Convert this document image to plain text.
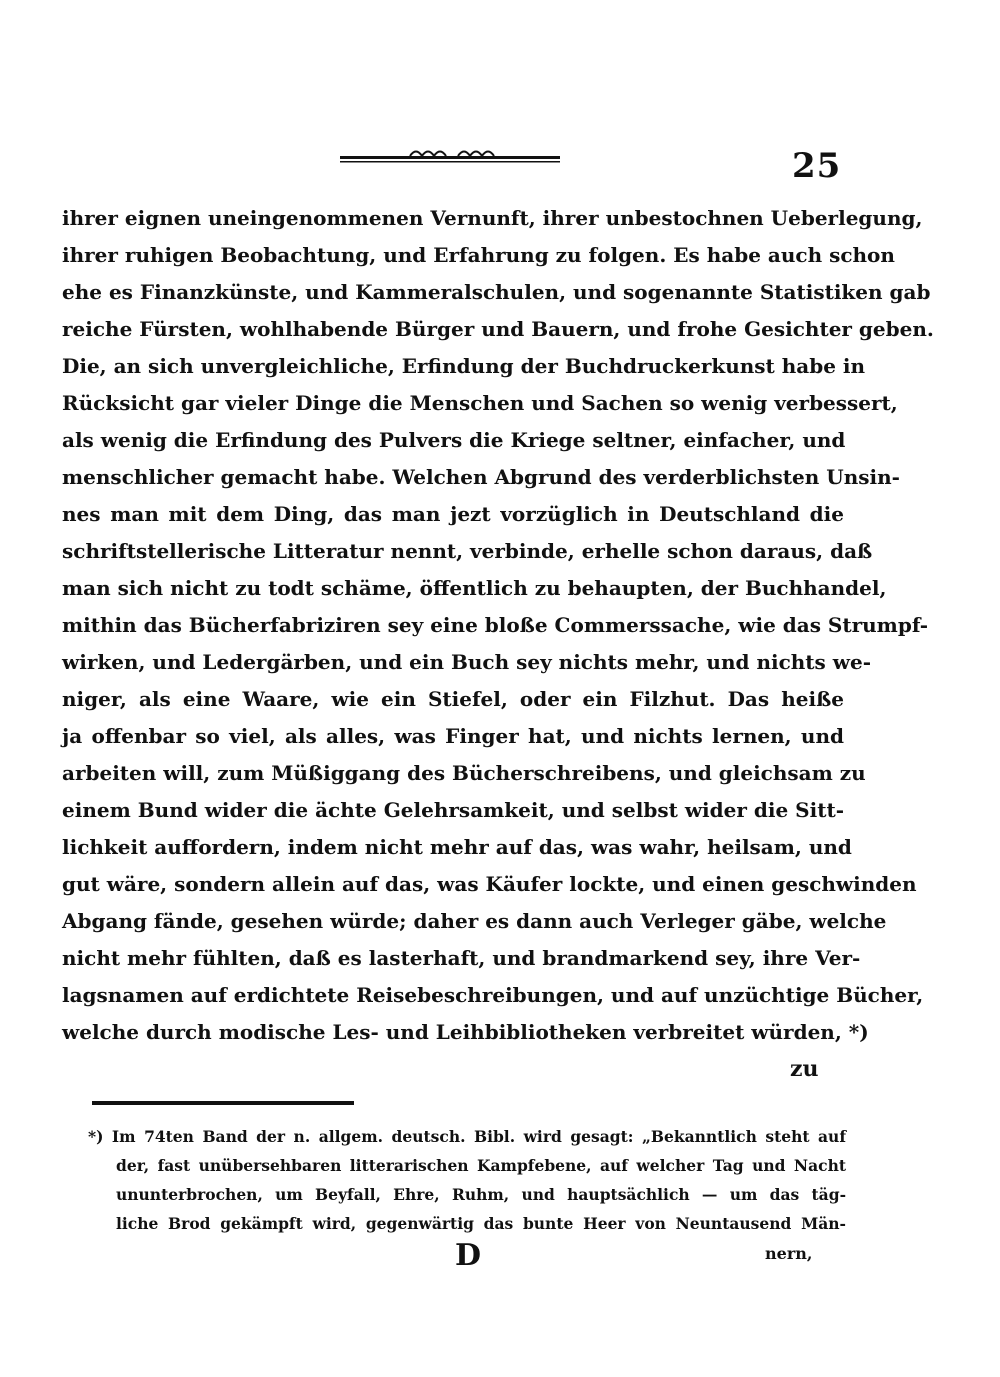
25
ihrer eignen uneingenommenen Vernunft, ihrer unbestochnen Ueberlegung,
ihrer ruhigen Beobachtung, und Erfahrung zu folgen. Es habe auch schon
ehe es Finanzkünste, und Kammeralschulen, und sogenannte Statistiken gab
reiche Fürsten, wohlhabende Bürger und Bauern, und frohe Gesichter geben.
Die, an sich unvergleichliche, Erfindung der Buchdruckerkunst habe in
Rücksicht gar vieler Dinge die Menschen und Sachen so wenig verbessert,
als wenig die Erfindung des Pulvers die Kriege seltner, einfacher, und
menschlicher gemacht habe. Welchen Abgrund des verderblichsten Unsin-
nes man mit dem Ding, das man jezt vorzüglich in Deutschland die
schriftstellerische Litteratur nennt, verbinde, erhelle schon daraus, daß
man sich nicht zu todt schäme, öffentlich zu behaupten, der Buchhandel,
mithin das Bücherfabriziren sey eine bloße Commerssache, wie das Strumpf-
wirken, und Ledergärben, und ein Buch sey nichts mehr, und nichts we-
niger, als eine Waare, wie ein Stiefel, oder ein Filzhut. Das heiße
ja offenbar so viel, als alles, was Finger hat, und nichts lernen, und
arbeiten will, zum Müßiggang des Bücherschreibens, und gleichsam zu
einem Bund wider die ächte Gelehrsamkeit, und selbst wider die Sitt-
lichkeit auffordern, indem nicht mehr auf das, was wahr, heilsam, und
gut wäre, sondern allein auf das, was Käufer lockte, und einen geschwinden
Abgang fände, gesehen würde; daher es dann auch Verleger gäbe, welche
nicht mehr fühlten, daß es lasterhaft, und brandmarkend sey, ihre Ver-
lagsnamen auf erdichtete Reisebeschreibungen, und auf unzüchtige Bücher,
welche durch modische Les- und Leihbibliotheken verbreitet würden, *)
zu
*) Im 74ten Band der n. allgem. deutsch. Bibl. wird gesagt: „Bekanntlich steht auf
der, fast unübersehbaren litterarischen Kampfebene, auf welcher Tag und Nacht
ununterbrochen, um Beyfall, Ehre, Ruhm, und hauptsächlich — um das täg-
liche Brod gekämpft wird, gegenwärtig das bunte Heer von Neuntausend Män-
D	nern,
